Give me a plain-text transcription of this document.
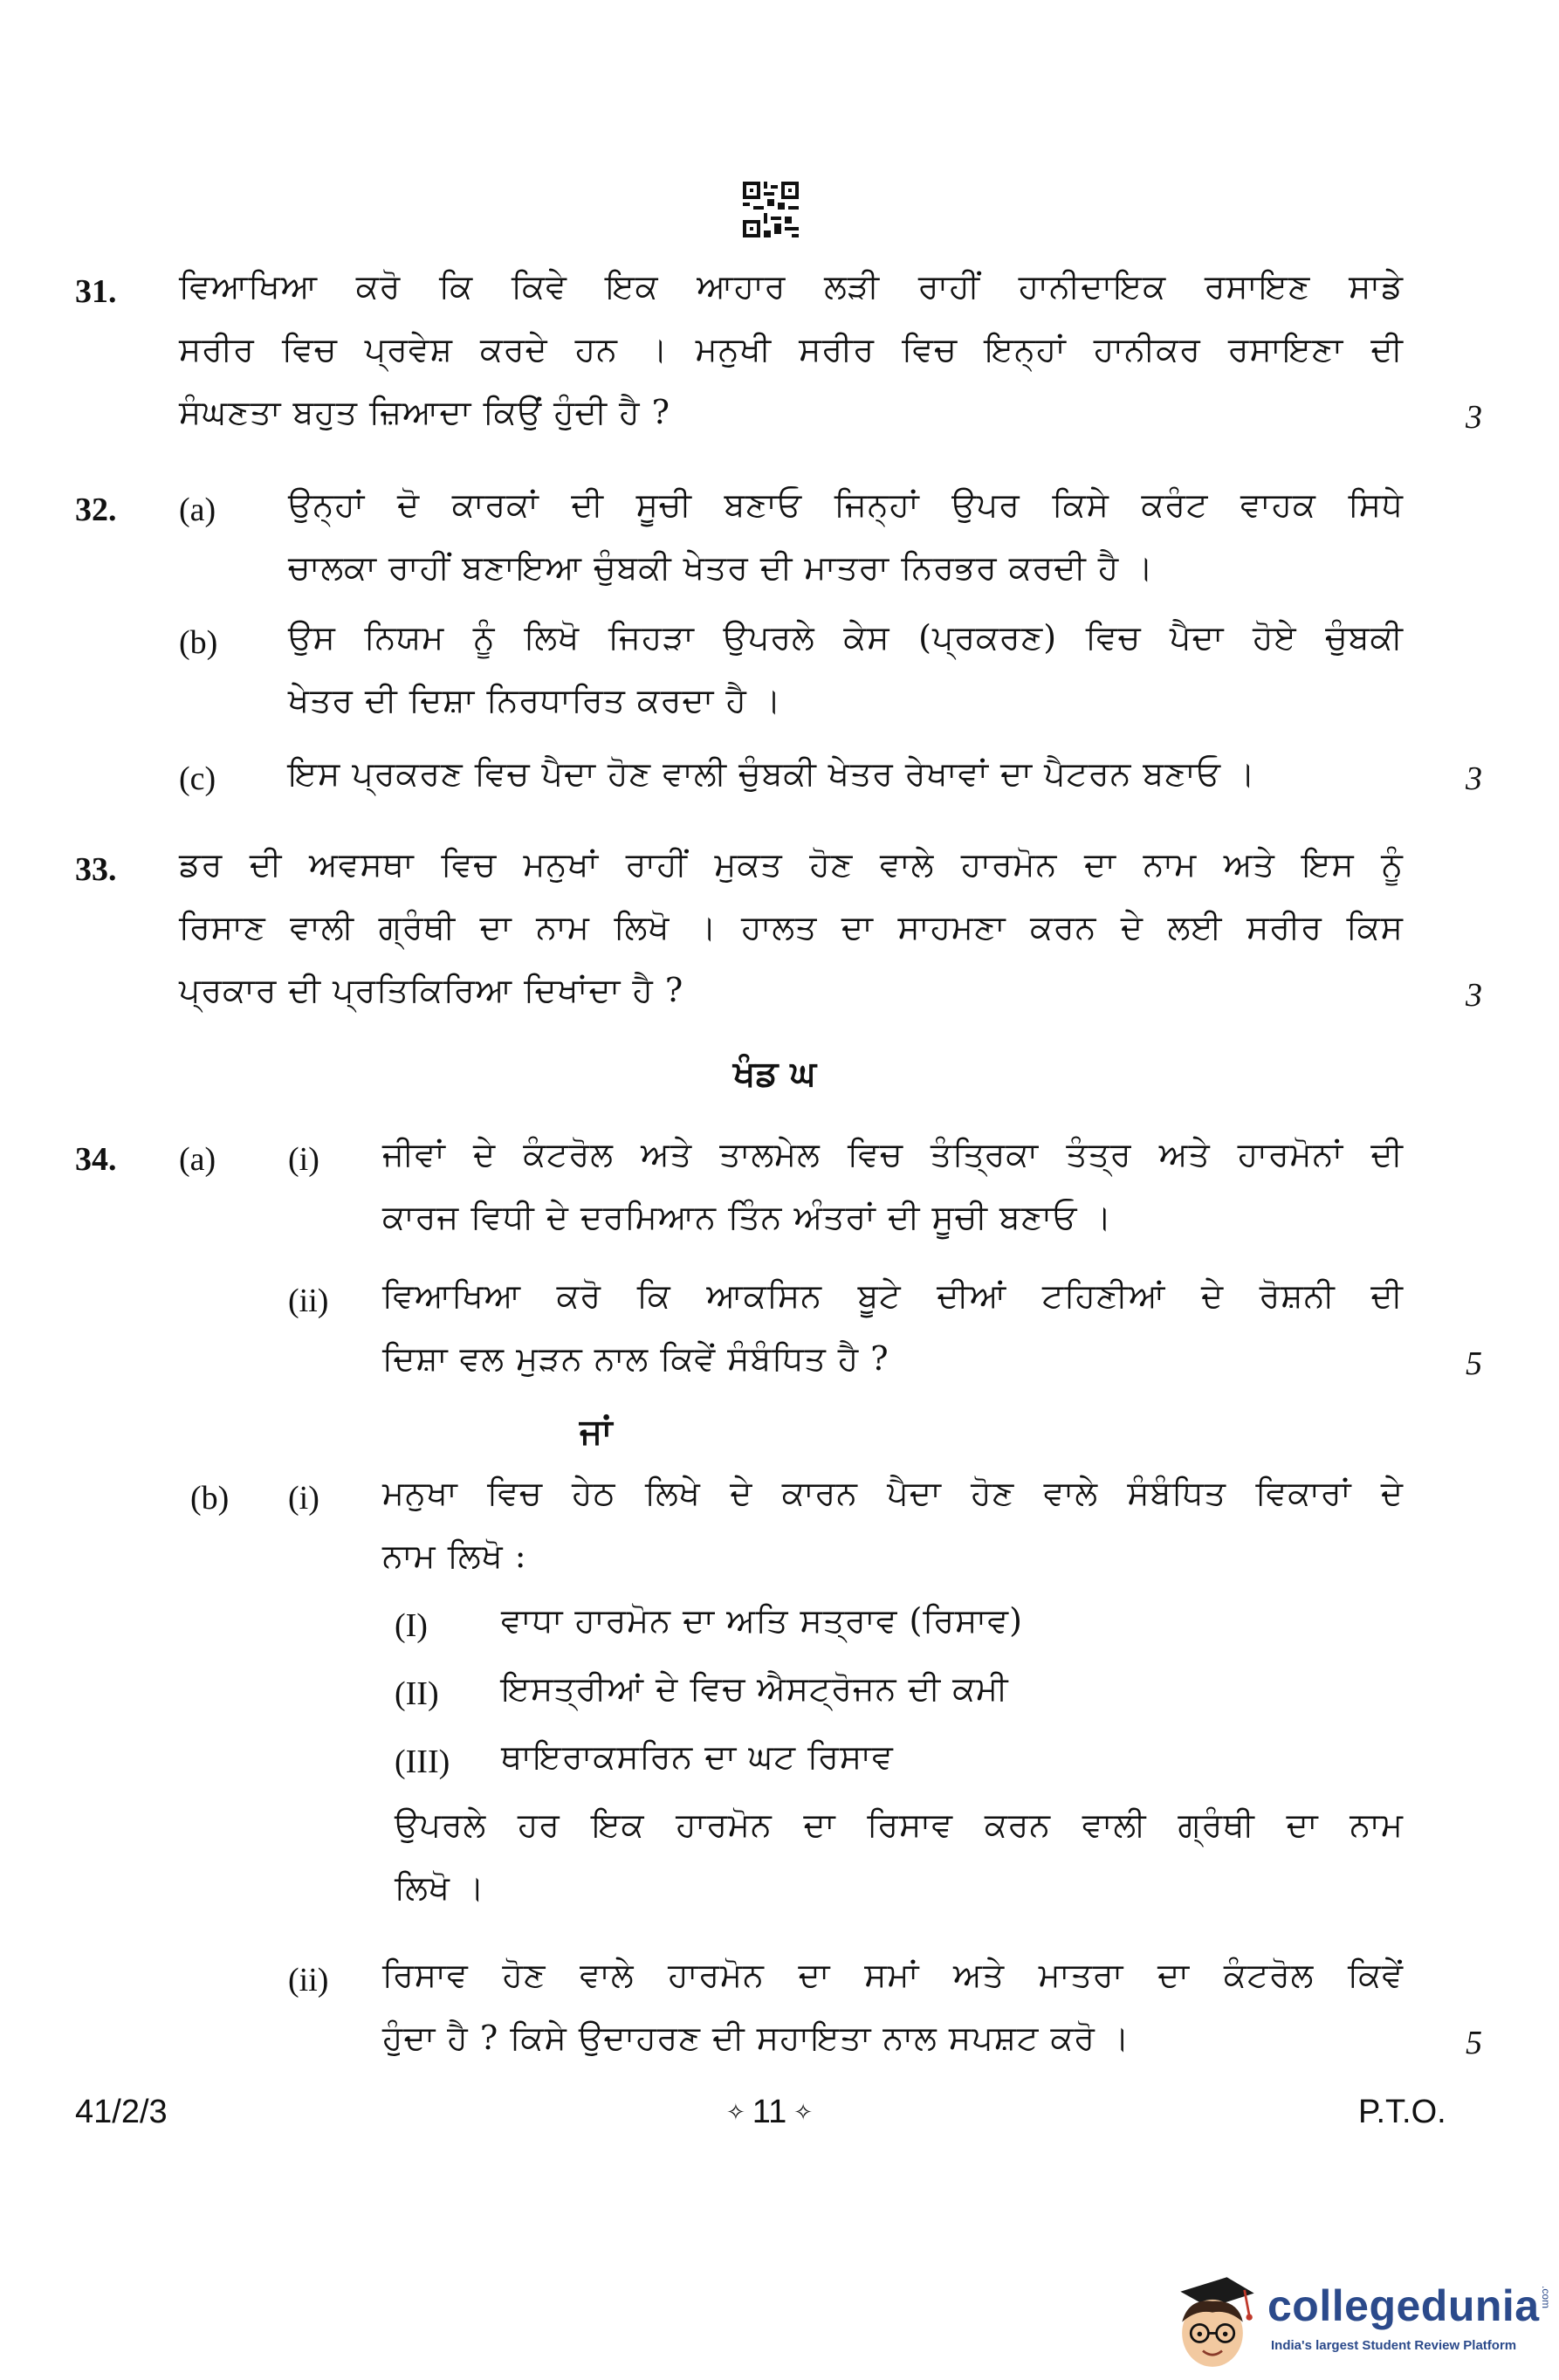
31. ਵਿਆਖਿਆ ਕਰੋ ਕਿ ਕਿਵੇ ਇਕ ਆਹਾਰ ਲੜੀ ਰਾਹੀਂ ਹਾਨੀਦਾਇਕ ਰਸਾਇਣ ਸਾਡੇ
ਸਰੀਰ ਵਿਚ ਪ੍ਰਵੇਸ਼ ਕਰਦੇ ਹਨ । ਮਨੁਖੀ ਸਰੀਰ ਵਿਚ ਇਨ੍ਹਾਂ ਹਾਨੀਕਰ ਰਸਾਇਣਾ ਦੀ
ਸੰਘਣਤਾ ਬਹੁਤ ਜ਼ਿਆਦਾ ਕਿਉਂ ਹੁੰਦੀ ਹੈ ?	3
32. (a) ਉਨ੍ਹਾਂ ਦੋ ਕਾਰਕਾਂ ਦੀ ਸੂਚੀ ਬਣਾਓ ਜਿਨ੍ਹਾਂ ਉਪਰ ਕਿਸੇ ਕਰੰਟ ਵਾਹਕ ਸਿਧੇ
ਚਾਲਕਾ ਰਾਹੀਂ ਬਣਾਇਆ ਚੁੰਬਕੀ ਖੇਤਰ ਦੀ ਮਾਤਰਾ ਨਿਰਭਰ ਕਰਦੀ ਹੈ ।
(b) ਉਸ ਨਿਯਮ ਨੂੰ ਲਿਖੋ ਜਿਹੜਾ ਉਪਰਲੇ ਕੇਸ (ਪ੍ਰਕਰਣ) ਵਿਚ ਪੈਦਾ ਹੋਏ ਚੁੰਬਕੀ
ਖੇਤਰ ਦੀ ਦਿਸ਼ਾ ਨਿਰਧਾਰਿਤ ਕਰਦਾ ਹੈ ।
(c) ਇਸ ਪ੍ਰਕਰਣ ਵਿਚ ਪੈਦਾ ਹੋਣ ਵਾਲੀ ਚੁੰਬਕੀ ਖੇਤਰ ਰੇਖਾਵਾਂ ਦਾ ਪੈਟਰਨ ਬਣਾਓ ।	3
33. ਡਰ ਦੀ ਅਵਸਥਾ ਵਿਚ ਮਨੁਖਾਂ ਰਾਹੀਂ ਮੁਕਤ ਹੋਣ ਵਾਲੇ ਹਾਰਮੋਨ ਦਾ ਨਾਮ ਅਤੇ ਇਸ ਨੂੰ
ਰਿਸਾਣ ਵਾਲੀ ਗ੍ਰੰਥੀ ਦਾ ਨਾਮ ਲਿਖੋ । ਹਾਲਤ ਦਾ ਸਾਹਮਣਾ ਕਰਨ ਦੇ ਲਈ ਸਰੀਰ ਕਿਸ
ਪ੍ਰਕਾਰ ਦੀ ਪ੍ਰਤਿਕਿਰਿਆ ਦਿਖਾਂਦਾ ਹੈ ?	3
ਖੰਡ ਘ
34. (a) (i) ਜੀਵਾਂ ਦੇ ਕੰਟਰੋਲ ਅਤੇ ਤਾਲਮੇਲ ਵਿਚ ਤੰਤ੍ਰਿਕਾ ਤੰਤ੍ਰ ਅਤੇ ਹਾਰਮੋਨਾਂ ਦੀ
ਕਾਰਜ ਵਿਧੀ ਦੇ ਦਰਮਿਆਨ ਤਿੰਨ ਅੰਤਰਾਂ ਦੀ ਸੂਚੀ ਬਣਾਓ ।
(ii) ਵਿਆਖਿਆ ਕਰੋ ਕਿ ਆਕਸਿਨ ਬੂਟੇ ਦੀਆਂ ਟਹਿਣੀਆਂ ਦੇ ਰੋਸ਼ਨੀ ਦੀ
ਦਿਸ਼ਾ ਵਲ ਮੁੜਨ ਨਾਲ ਕਿਵੇਂ ਸੰਬੰਧਿਤ ਹੈ ?	5
ਜਾਂ
(b) (i) ਮਨੁਖਾ ਵਿਚ ਹੇਠ ਲਿਖੇ ਦੇ ਕਾਰਨ ਪੈਦਾ ਹੋਣ ਵਾਲੇ ਸੰਬੰਧਿਤ ਵਿਕਾਰਾਂ ਦੇ
ਨਾਮ ਲਿਖੋ :
(I) ਵਾਧਾ ਹਾਰਮੋਨ ਦਾ ਅਤਿ ਸਤ੍ਰਾਵ (ਰਿਸਾਵ)
(II) ਇਸਤ੍ਰੀਆਂ ਦੇ ਵਿਚ ਐਸਟ੍ਰੋਜਨ ਦੀ ਕਮੀ
(III) ਥਾਇਰਾਕਸਰਿਨ ਦਾ ਘਟ ਰਿਸਾਵ
ਉਪਰਲੇ ਹਰ ਇਕ ਹਾਰਮੋਨ ਦਾ ਰਿਸਾਵ ਕਰਨ ਵਾਲੀ ਗ੍ਰੰਥੀ ਦਾ ਨਾਮ
ਲਿਖੋ ।
(ii) ਰਿਸਾਵ ਹੋਣ ਵਾਲੇ ਹਾਰਮੋਨ ਦਾ ਸਮਾਂ ਅਤੇ ਮਾਤਰਾ ਦਾ ਕੰਟਰੋਲ ਕਿਵੇਂ
ਹੁੰਦਾ ਹੈ ? ਕਿਸੇ ਉਦਾਹਰਣ ਦੀ ਸਹਾਇਤਾ ਨਾਲ ਸਪਸ਼ਟ ਕਰੋ ।	5
41/2/3	✧ 11 ✧	P.T.O.
collegedunia .com
India's largest Student Review Platform
